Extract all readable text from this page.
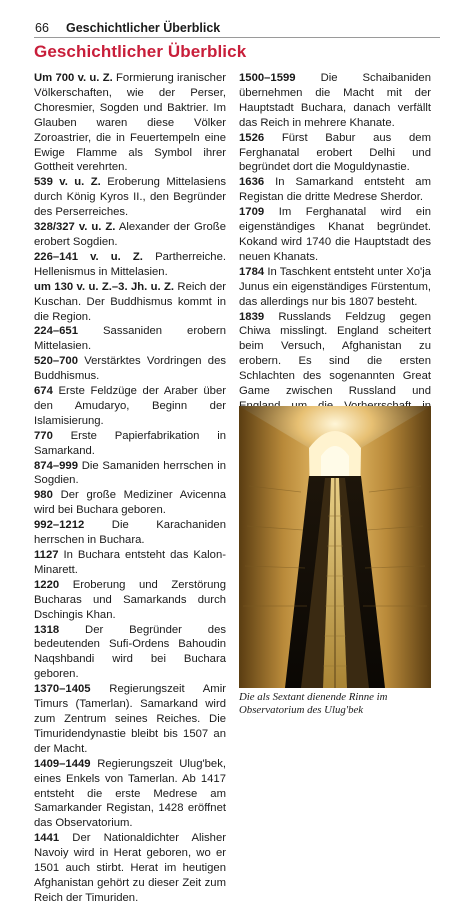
66 Geschichtlicher Überblick
Geschichtlicher Überblick

Um 700 v. u. Z. Formierung iranischer Völkerschaften, wie der Perser, Choresmier, Sogden und Baktrier. Im Glauben waren diese Völker Zoroastrier, die in Feuertempeln eine Ewige Flamme als Symbol ihrer Gottheit verehrten.

539 v. u. Z. Eroberung Mittelasiens durch König Kyros II., den Begründer des Perserreiches.

328/327 v. u. Z. Alexander der Große erobert Sogdien.

226–141 v. u. Z. Partherreiche. Hellenismus in Mittelasien.

um 130 v. u. Z.–3. Jh. u. Z. Reich der Kuschan. Der Buddhismus kommt in die Region.

224–651 Sassaniden erobern Mittelasien.

520–700 Verstärktes Vordringen des Buddhismus.

674 Erste Feldzüge der Araber über den Amudaryo, Beginn der Islamisierung.

770 Erste Papierfabrikation in Samarkand.

874–999 Die Samaniden herrschen in Sogdien.

980 Der große Mediziner Avicenna wird bei Buchara geboren.

992–1212 Die Karachaniden herrschen in Buchara.

1127 In Buchara entsteht das Kalon-Minarett.

1220 Eroberung und Zerstörung Bucharas und Samarkands durch Dschingis Khan.

1318 Der Begründer des bedeutenden Sufi-Ordens Bahoudin Naqshbandi wird bei Buchara geboren.

1370–1405 Regierungszeit Amir Timurs (Tamerlan). Samarkand wird zum Zentrum seines Reiches. Die Timuridendynastie bleibt bis 1507 an der Macht.

1409–1449 Regierungszeit Ulug'bek, eines Enkels von Tamerlan. Ab 1417 entsteht die erste Medrese am Samarkander Registan, 1428 eröffnet das Observatorium.

1441 Der Nationaldichter Alisher Navoiy wird in Herat geboren, wo er 1501 auch stirbt. Herat im heutigen Afghanistan gehört zu dieser Zeit zum Reich der Timuriden.

1500–1599 Die Schaibaniden übernehmen die Macht mit der Hauptstadt Buchara, danach verfällt das Reich in mehrere Khanate.

1526 Fürst Babur aus dem Ferghanatal erobert Delhi und begründet dort die Moguldynastie.

1636 In Samarkand entsteht am Registan die dritte Medrese Sherdor.

1709 Im Ferghanatal wird ein eigenständiges Khanat begründet. Kokand wird 1740 die Hauptstadt des neuen Khanats.

1784 In Taschkent entsteht unter Xo'ja Junus ein eigenständiges Fürstentum, das allerdings nur bis 1807 besteht.

1839 Russlands Feldzug gegen Chiwa misslingt. England scheitert beim Versuch, Afghanistan zu erobern. Es sind die ersten Schlachten des sogenannten Great Game zwischen Russland und

Die als Sextant dienende Rinne im Observatorium des Ulug'bek
